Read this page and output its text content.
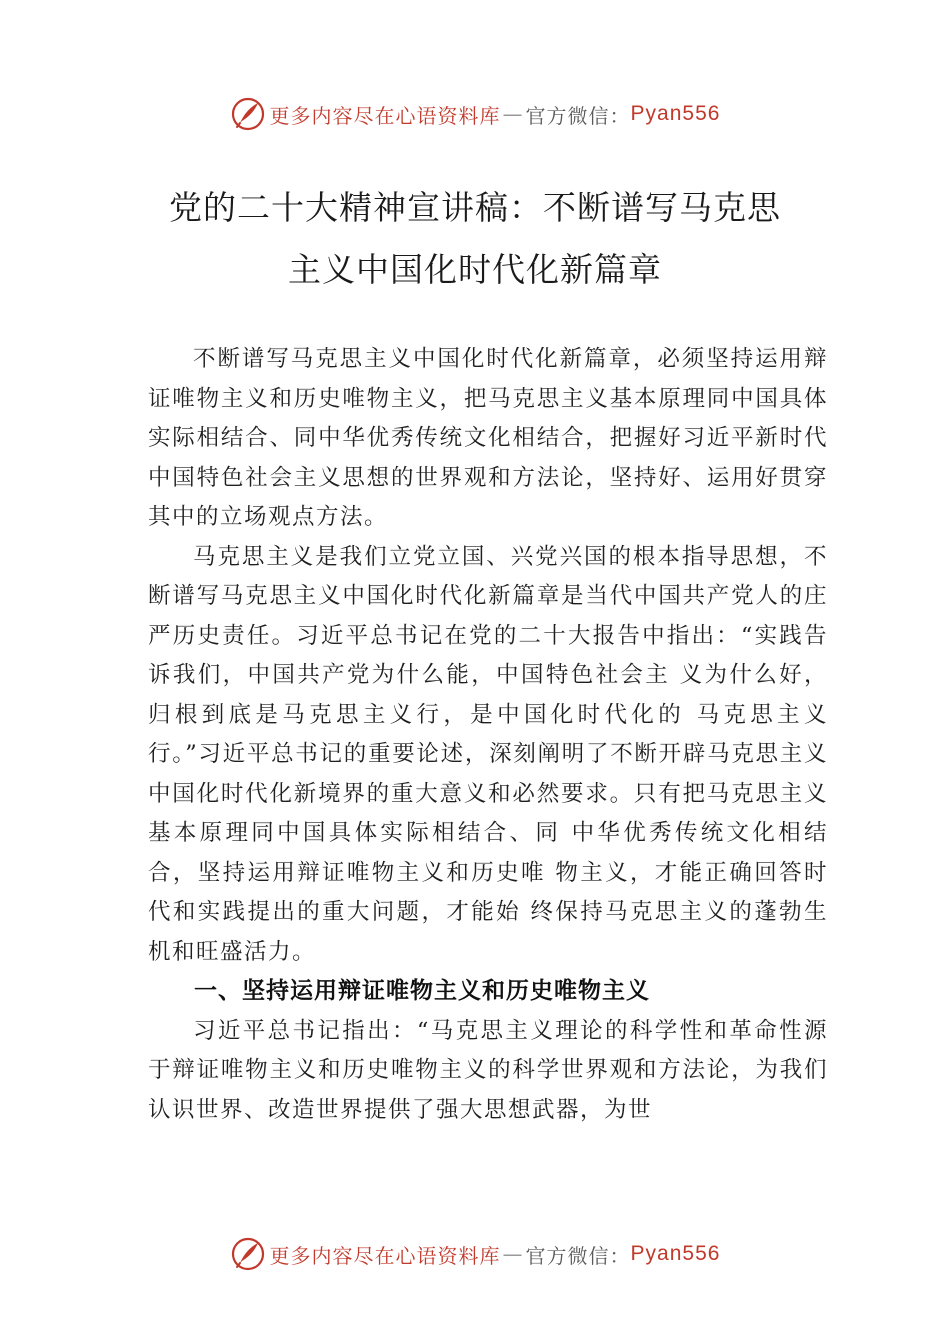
更多内容尽在心语资料库 — 官方微信： Pyan556
党的二十大精神宣讲稿：不断谱写马克思
主义中国化时代化新篇章

不断谱写马克思主义中国化时代化新篇章，必须坚持运用辩证唯物主义和历史唯物主义，把马克思主义基本原理同中国具体实际相结合、同中华优秀传统文化相结合，把握好习近平新时代中国特色社会主义思想的世界观和方法论，坚持好、运用好贯穿其中的立场观点方法。

马克思主义是我们立党立国、兴党兴国的根本指导思想，不断谱写马克思主义中国化时代化新篇章是当代中国共产党人的庄严历史责任。习近平总书记在党的二十大报告中指出：“实践告诉我们，中国共产党为什么能，中国特色社会主 义为什么好，归根到底是马克思主义行，是中国化时代化的 马克思主义行。”习近平总书记的重要论述，深刻阐明了不断开辟马克思主义中国化时代化新境界的重大意义和必然要求。只有把马克思主义基本原理同中国具体实际相结合、同 中华优秀传统文化相结合，坚持运用辩证唯物主义和历史唯 物主义，才能正确回答时代和实践提出的重大问题，才能始 终保持马克思主义的蓬勃生机和旺盛活力。

一、坚持运用辩证唯物主义和历史唯物主义

习近平总书记指出：“马克思主义理论的科学性和革命性源于辩证唯物主义和历史唯物主义的科学世界观和方法论，为我们认识世界、改造世界提供了强大思想武器，为世

更多内容尽在心语资料库 — 官方微信： Pyan556
